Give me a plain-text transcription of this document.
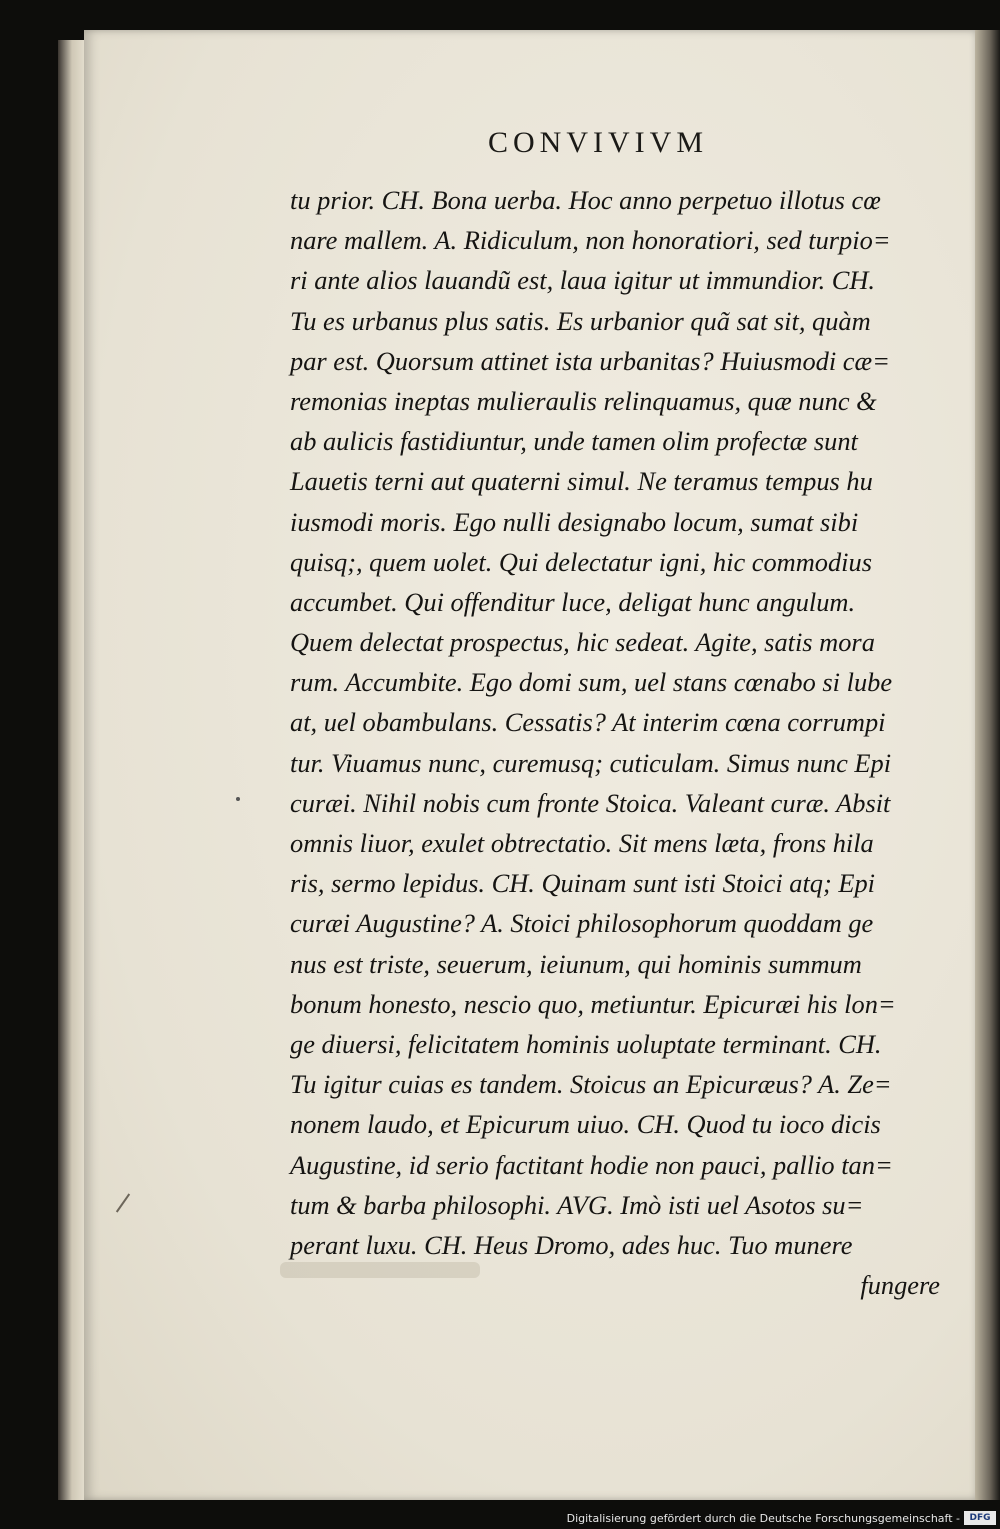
CONVIVIVM
tu prior. CH. Bona uerba. Hoc anno perpetuo illotus cœ
nare mallem. A. Ridiculum, non honoratiori, sed turpio=
ri ante alios lauandũ est, laua igitur ut immundior. CH.
Tu es urbanus plus satis. Es urbanior quã sat sit, quàm
par est. Quorsum attinet ista urbanitas? Huiusmodi cæ=
remonias ineptas mulieraulis relinquamus, quæ nunc &
ab aulicis fastidiuntur, unde tamen olim profectæ sunt
Lauetis terni aut quaterni simul. Ne teramus tempus hu
iusmodi moris. Ego nulli designabo locum, sumat sibi
quisq;, quem uolet. Qui delectatur igni, hic commodius
accumbet. Qui offenditur luce, deligat hunc angulum.
Quem delectat prospectus, hic sedeat. Agite, satis mora
rum. Accumbite. Ego domi sum, uel stans cœnabo si lube
at, uel obambulans. Cessatis? At interim cœna corrumpi
tur. Viuamus nunc, curemusq; cuticulam. Simus nunc Epi
curæi. Nihil nobis cum fronte Stoica. Valeant curæ. Absit
omnis liuor, exulet obtrectatio. Sit mens læta, frons hila
ris, sermo lepidus. CH. Quinam sunt isti Stoici atq; Epi
curæi Augustine? A. Stoici philosophorum quoddam ge
nus est triste, seuerum, ieiunum, qui hominis summum
bonum honesto, nescio quo, metiuntur. Epicuræi his lon=
ge diuersi, felicitatem hominis uoluptate terminant. CH.
Tu igitur cuias es tandem. Stoicus an Epicuræus? A. Ze=
nonem laudo, et Epicurum uiuo. CH. Quod tu ioco dicis
Augustine, id serio factitant hodie non pauci, pallio tan=
tum & barba philosophi. AVG. Imò isti uel Asotos su=
perant luxu. CH. Heus Dromo, ades huc. Tuo munere
fungere
Digitalisierung gefördert durch die Deutsche Forschungsgemeinschaft -	DFG
